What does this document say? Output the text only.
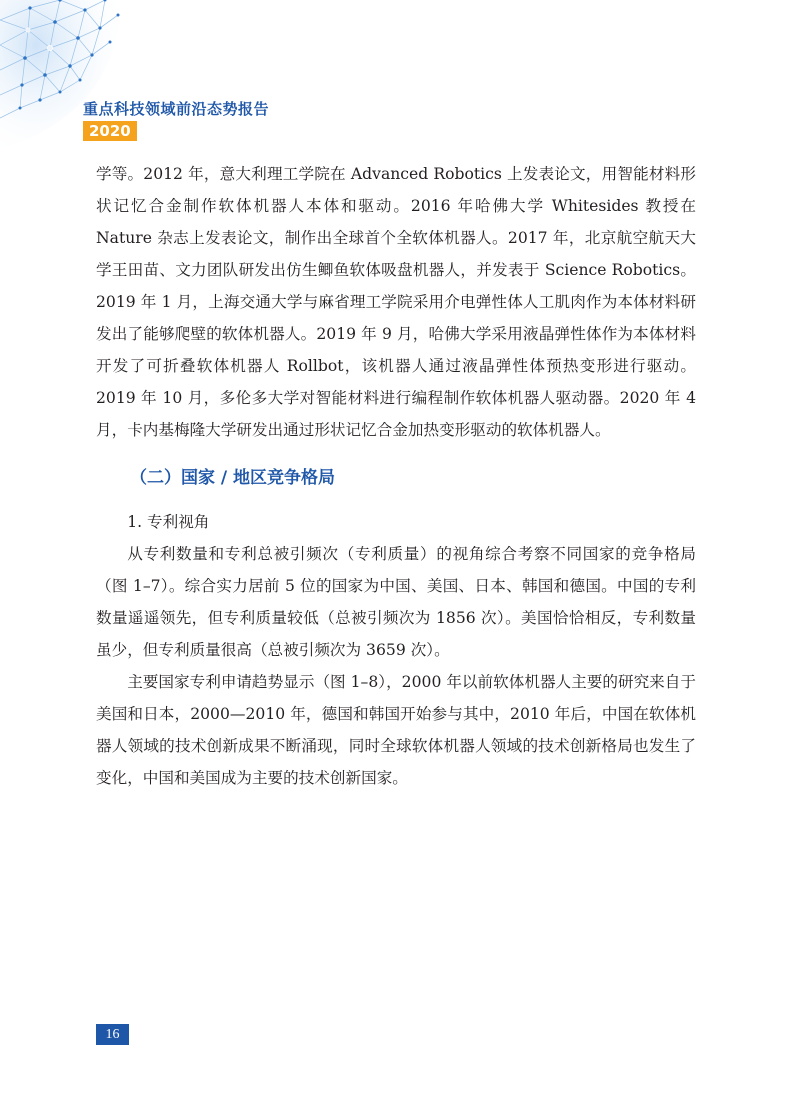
重点科技领域前沿态势报告
2020

学等。2012 年，意大利理工学院在 Advanced Robotics 上发表论文，用智能材料形状记忆合金制作软体机器人本体和驱动。2016 年哈佛大学 Whitesides 教授在 Nature 杂志上发表论文，制作出全球首个全软体机器人。2017 年，北京航空航天大学王田苗、文力团队研发出仿生鲫鱼软体吸盘机器人，并发表于 Science Robotics。2019 年 1 月，上海交通大学与麻省理工学院采用介电弹性体人工肌肉作为本体材料研发出了能够爬壁的软体机器人。2019 年 9 月，哈佛大学采用液晶弹性体作为本体材料开发了可折叠软体机器人 Rollbot，该机器人通过液晶弹性体预热变形进行驱动。2019 年 10 月，多伦多大学对智能材料进行编程制作软体机器人驱动器。2020 年 4 月，卡内基梅隆大学研发出通过形状记忆合金加热变形驱动的软体机器人。

（二）国家 / 地区竞争格局

1. 专利视角

从专利数量和专利总被引频次（专利质量）的视角综合考察不同国家的竞争格局（图 1–7）。综合实力居前 5 位的国家为中国、美国、日本、韩国和德国。中国的专利数量遥遥领先，但专利质量较低（总被引频次为 1856 次）。美国恰恰相反，专利数量虽少，但专利质量很高（总被引频次为 3659 次）。

主要国家专利申请趋势显示（图 1–8），2000 年以前软体机器人主要的研究来自于美国和日本，2000—2010 年，德国和韩国开始参与其中，2010 年后，中国在软体机器人领域的技术创新成果不断涌现，同时全球软体机器人领域的技术创新格局也发生了变化，中国和美国成为主要的技术创新国家。

16
